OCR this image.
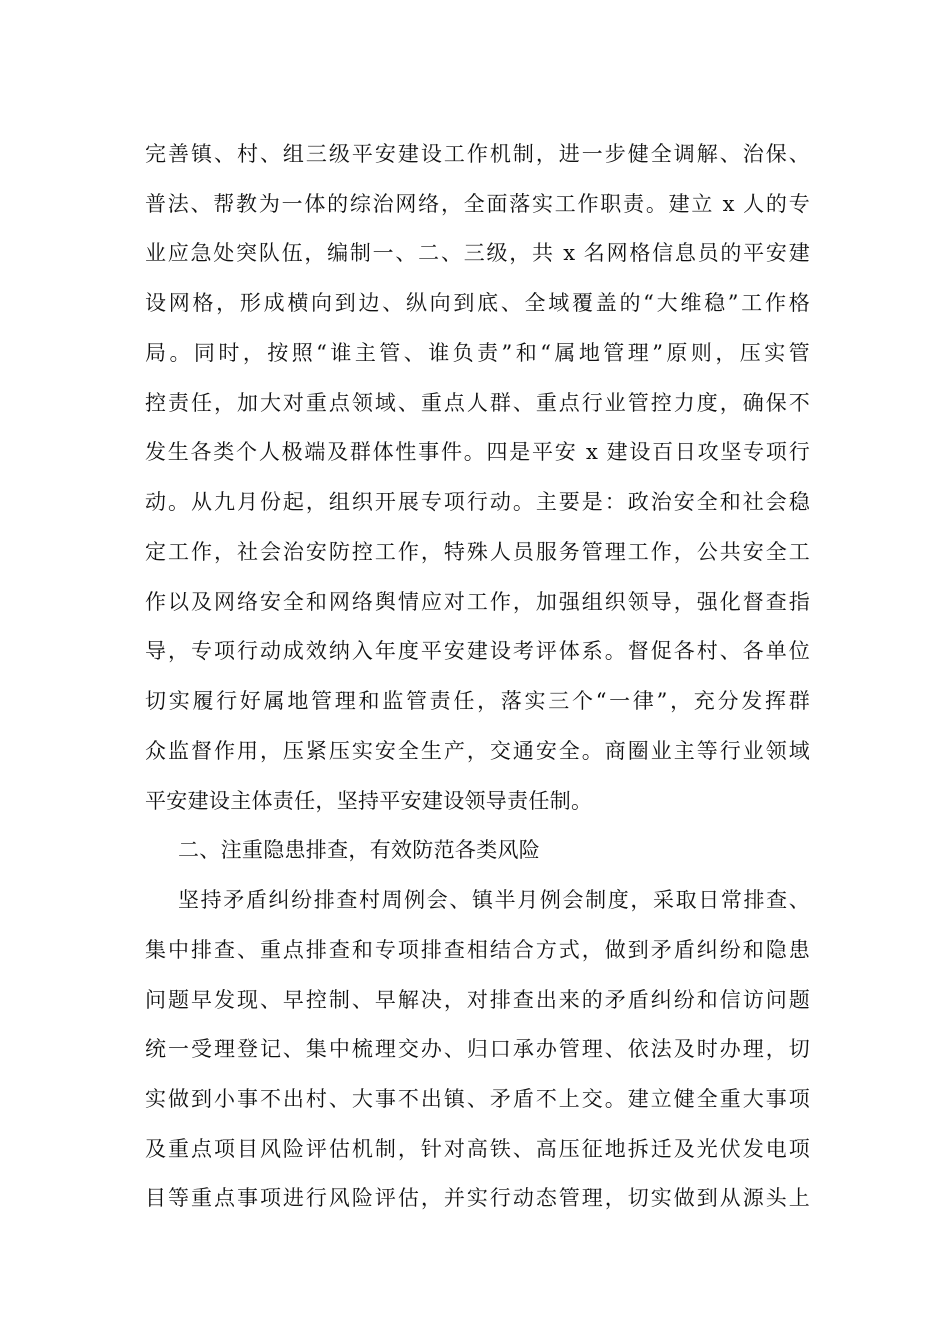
完善镇、村、组三级平安建设工作机制，进一步健全调解、治保、
普法、帮教为一体的综治网络，全面落实工作职责。建立 x 人的专
业应急处突队伍，编制一、二、三级，共 x 名网格信息员的平安建
设网格，形成横向到边、纵向到底、全域覆盖的“大维稳”工作格
局。同时，按照“谁主管、谁负责”和“属地管理”原则，压实管
控责任，加大对重点领域、重点人群、重点行业管控力度，确保不
发生各类个人极端及群体性事件。四是平安 x 建设百日攻坚专项行
动。从九月份起，组织开展专项行动。主要是：政治安全和社会稳
定工作，社会治安防控工作，特殊人员服务管理工作，公共安全工
作以及网络安全和网络舆情应对工作，加强组织领导，强化督查指
导，专项行动成效纳入年度平安建设考评体系。督促各村、各单位
切实履行好属地管理和监管责任，落实三个“一律”，充分发挥群
众监督作用，压紧压实安全生产，交通安全。商圈业主等行业领域
平安建设主体责任，坚持平安建设领导责任制。
二、注重隐患排查，有效防范各类风险
坚持矛盾纠纷排查村周例会、镇半月例会制度，采取日常排查、
集中排查、重点排查和专项排查相结合方式，做到矛盾纠纷和隐患
问题早发现、早控制、早解决，对排查出来的矛盾纠纷和信访问题
统一受理登记、集中梳理交办、归口承办管理、依法及时办理，切
实做到小事不出村、大事不出镇、矛盾不上交。建立健全重大事项
及重点项目风险评估机制，针对高铁、高压征地拆迁及光伏发电项
目等重点事项进行风险评估，并实行动态管理，切实做到从源头上
